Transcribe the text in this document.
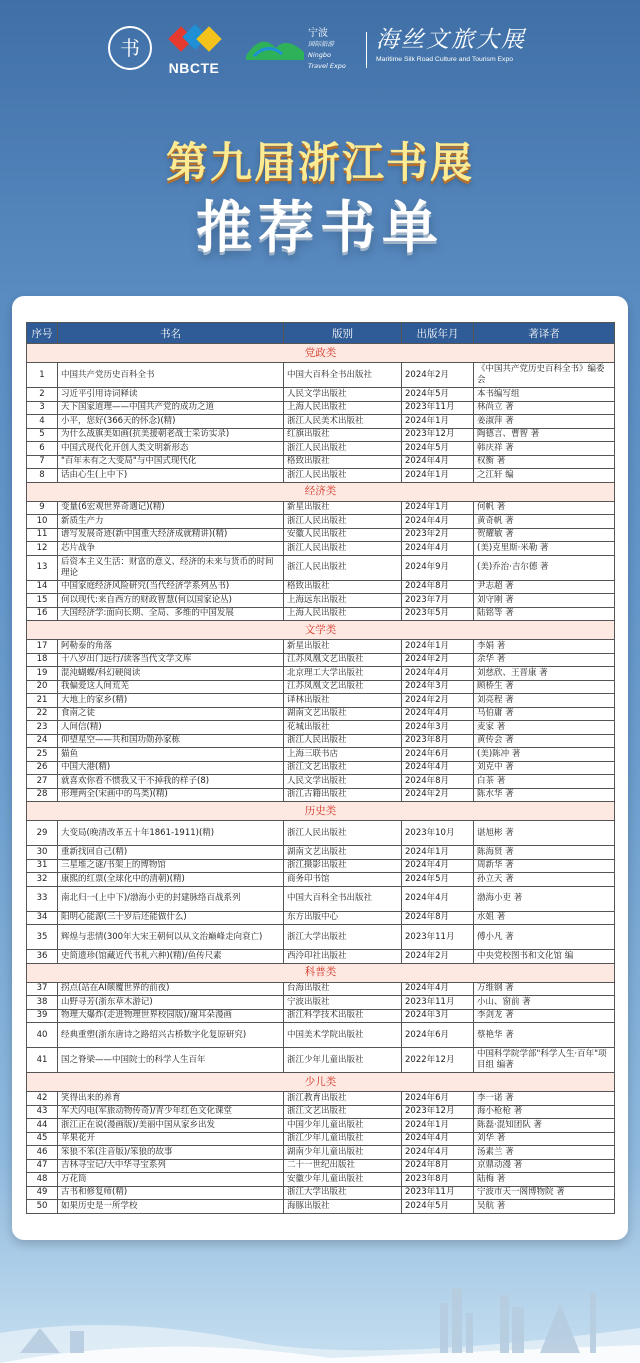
书
NBCTE
宁波
国际旅游
Ningbo
Travel Expo
海丝文旅大展
Maritime Silk Road Culture and Tourism Expo
第九届浙江书展
推荐书单
序号	书名	版别	出版年月	著译者
党政类				
1	中国共产党历史百科全书	中国大百科全书出版社	2024年2月	《中国共产党历史百科全书》编委会
2	习近平引用诗词释读	人民文学出版社	2024年5月	本书编写组
3	天下国家道理——中国共产党的成功之道	上海人民出版社	2023年11月	林尚立 著
4	小平，您好(366天的怀念)(精)	浙江人民美术出版社	2024年1月	姜淑萍 著
5	为什么战旗美如画(抗美援朝老战士采访实录)	红旗出版社	2023年12月	陶德言、曹智 著
6	中国式现代化开创人类文明新形态	浙江人民出版社	2024年5月	韩庆祥 著
7	"百年未有之大变局"与中国式现代化	格致出版社	2024年4月	权衡 著
8	话由心生(上中下)	浙江人民出版社	2024年1月	之江轩 编
经济类				
9	变量(6宏观世界奇遇记)(精)	新星出版社	2024年1月	何帆 著
10	新质生产力	浙江人民出版社	2024年4月	黄奇帆 著
11	谱写发展奇迹(新中国重大经济成就精讲)(精)	安徽人民出版社	2023年2月	贺耀敏 著
12	芯片战争	浙江人民出版社	2024年4月	(美)克里斯·米勒 著
13	后资本主义生活：财富的意义、经济的未来与货币的时间理论	浙江人民出版社	2024年9月	(美)乔治·吉尔德 著
14	中国家庭经济风险研究(当代经济学系列丛书)	格致出版社	2024年8月	尹志超 著
15	何以现代:来自西方的财政智慧(何以国家论丛)	上海远东出版社	2023年7月	刘守刚 著
16	大国经济学:面向长期、全局、多维的中国发展	上海人民出版社	2023年5月	陆铭等 著
文学类				
17	阿勒泰的角落	新星出版社	2024年1月	李娟 著
18	十八岁出门远行/读客当代文学文库	江苏凤凰文艺出版社	2024年2月	余华 著
19	混沌蝴蝶/科幻硬阅读	北京理工大学出版社	2024年4月	刘慈欣、王晋康 著
20	我偏爱这人间荒芜	江苏凤凰文艺出版社	2024年3月	顾桥生 著
21	大地上的家乡(精)	译林出版社	2024年2月	刘亮程 著
22	食南之徒	湖南文艺出版社	2024年4月	马伯庸 著
23	人间信(精)	花城出版社	2024年3月	麦家 著
24	仰望星空——共和国功勋孙家栋	浙江人民出版社	2023年8月	黄传会 著
25	猫鱼	上海三联书店	2024年6月	(美)陈冲 著
26	中国大港(精)	浙江文艺出版社	2024年4月	刘克中 著
27	就喜欢你看不惯我又干不掉我的样子(8)	人民文学出版社	2024年8月	白茶 著
28	形理两全(宋画中的鸟类)(精)	浙江古籍出版社	2024年2月	陈水华 著
历史类				
29	大变局(晚清改革五十年1861-1911)(精)	浙江人民出版社	2023年10月	谌旭彬 著
30	重新找回自己(精)	湖南文艺出版社	2024年1月	陈海贤 著
31	三星堆之谜/书架上的博物馆	浙江摄影出版社	2024年4月	周新华 著
32	康熙的红票(全球化中的清朝)(精)	商务印书馆	2024年5月	孙立天 著
33	南北归一(上中下)/渤海小吏的封建脉络百战系列	中国大百科全书出版社	2024年4月	渤海小吏 著
34	阳明心能源(三十岁后还能做什么)	东方出版中心	2024年8月	水姐 著
35	辉煌与悲情(300年大宋王朝何以从文治巅峰走向衰亡)	浙江大学出版社	2023年11月	傅小凡 著
36	史简遗珍(馆藏近代书札六种)(精)/鱼传尺素	西泠印社出版社	2024年2月	中央党校图书和文化馆 编
科普类				
37	拐点(站在AI颠覆世界的前夜)	台海出版社	2024年4月	万维钢 著
38	山野寻芳(浙东草木游记)	宁波出版社	2023年11月	小山、窗前 著
39	物理大爆炸(走进物理世界校园版)/谢耳朵漫画	浙江科学技术出版社	2024年3月	李剑龙 著
40	经典重塑(浙东唐诗之路绍兴古桥数字化复原研究)	中国美术学院出版社	2024年6月	蔡艳华 著
41	国之脊梁——中国院士的科学人生百年	浙江少年儿童出版社	2022年12月	中国科学院学部"科学人生·百年"项目组 编著
少儿类				
42	笑得出来的养育	浙江教育出版社	2024年6月	李一诺 著
43	军犬闪电(军旅动物传奇)/青少年红色文化课堂	浙江文艺出版社	2023年12月	海小枪枪 著
44	浙江正在说(漫画版)/美丽中国从家乡出发	中国少年儿童出版社	2024年1月	陈磊·混知团队 著
45	苹果花开	浙江少年儿童出版社	2024年4月	刘华 著
46	笨狼不笨(注音版)/笨狼的故事	湖南少年儿童出版社	2024年4月	汤素兰 著
47	吉林寻宝记/大中华寻宝系列	二十一世纪出版社	2024年8月	京鼎动漫 著
48	万花筒	安徽少年儿童出版社	2023年8月	陆梅 著
49	古书和修复师(精)	浙江大学出版社	2023年11月	宁波市天一阁博物院 著
50	如果历史是一所学校	海豚出版社	2024年5月	吴航 著
